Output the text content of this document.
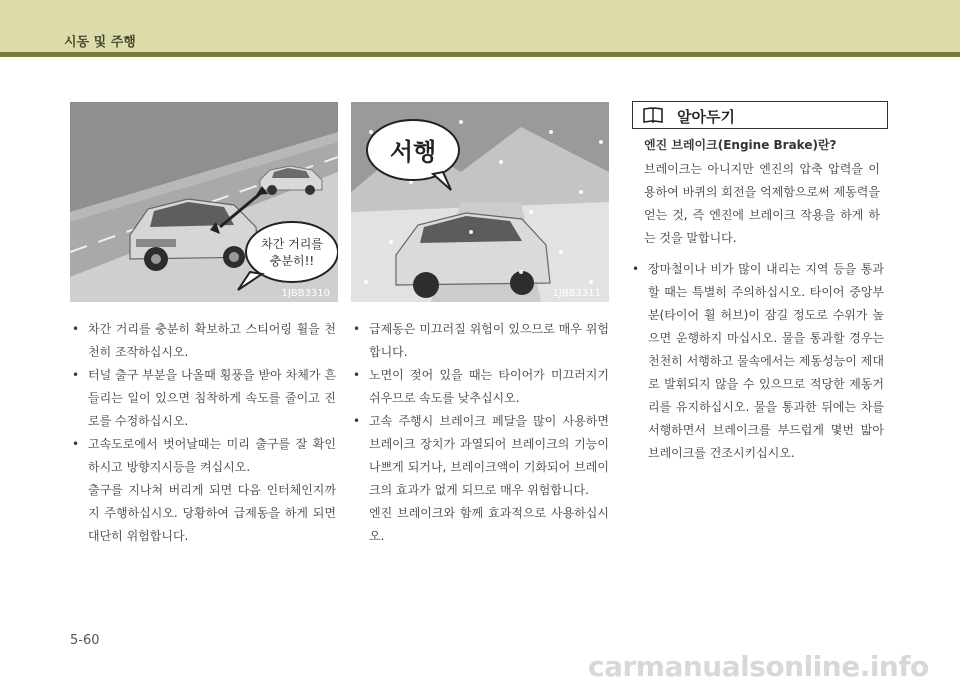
시동 및 주행
차간 거리를
충분히!!
1JBB3310
서행
1JBB3311
• 차간 거리를 충분히 확보하고 스티어링 휠을 천천히 조작하십시오.
• 터널 출구 부분을 나올때 횡풍을 받아 차체가 흔들리는 일이 있으면 침착하게 속도를 줄이고 진로를 수정하십시오.
• 고속도로에서 벗어날때는 미리 출구를 잘 확인 하시고 방향지시등을 켜십시오.
출구를 지나쳐 버리게 되면 다음 인터체인지까지 주행하십시오. 당황하여 급제동을 하게 되면 대단히 위험합니다.
• 급제동은 미끄러질 위험이 있으므로 매우 위험합니다.
• 노면이 젖어 있을 때는 타이어가 미끄러지기 쉬우므로 속도를 낮추십시오.
• 고속 주행시 브레이크 페달을 많이 사용하면 브레이크 장치가 과열되어 브레이크의 기능이 나쁘게 되거나, 브레이크액이 기화되어 브레이크의 효과가 없게 되므로 매우 위험합니다.
엔진 브레이크와 함께 효과적으로 사용하십시오.
알아두기
엔진 브레이크(Engine Brake)란?

브레이크는 아니지만 엔진의 압축 압력을 이용하여 바퀴의 회전을 억제함으로써 제동력을 얻는 것, 즉 엔진에 브레이크 작용을 하게 하는 것을 말합니다.

• 장마철이나 비가 많이 내리는 지역 등을 통과할 때는 특별히 주의하십시오. 타이어 중앙부분(타이어 휠 허브)이 잠길 정도로 수위가 높으면 운행하지 마십시오. 물을 통과할 경우는 천천히 서행하고 물속에서는 제동성능이 제대로 발휘되지 않을 수 있으므로 적당한 제동거리를 유지하십시오. 물을 통과한 뒤에는 차를 서행하면서 브레이크를 부드럽게 몇번 밟아 브레이크를 건조시키십시오.
5-60
carmanualsonline.info
